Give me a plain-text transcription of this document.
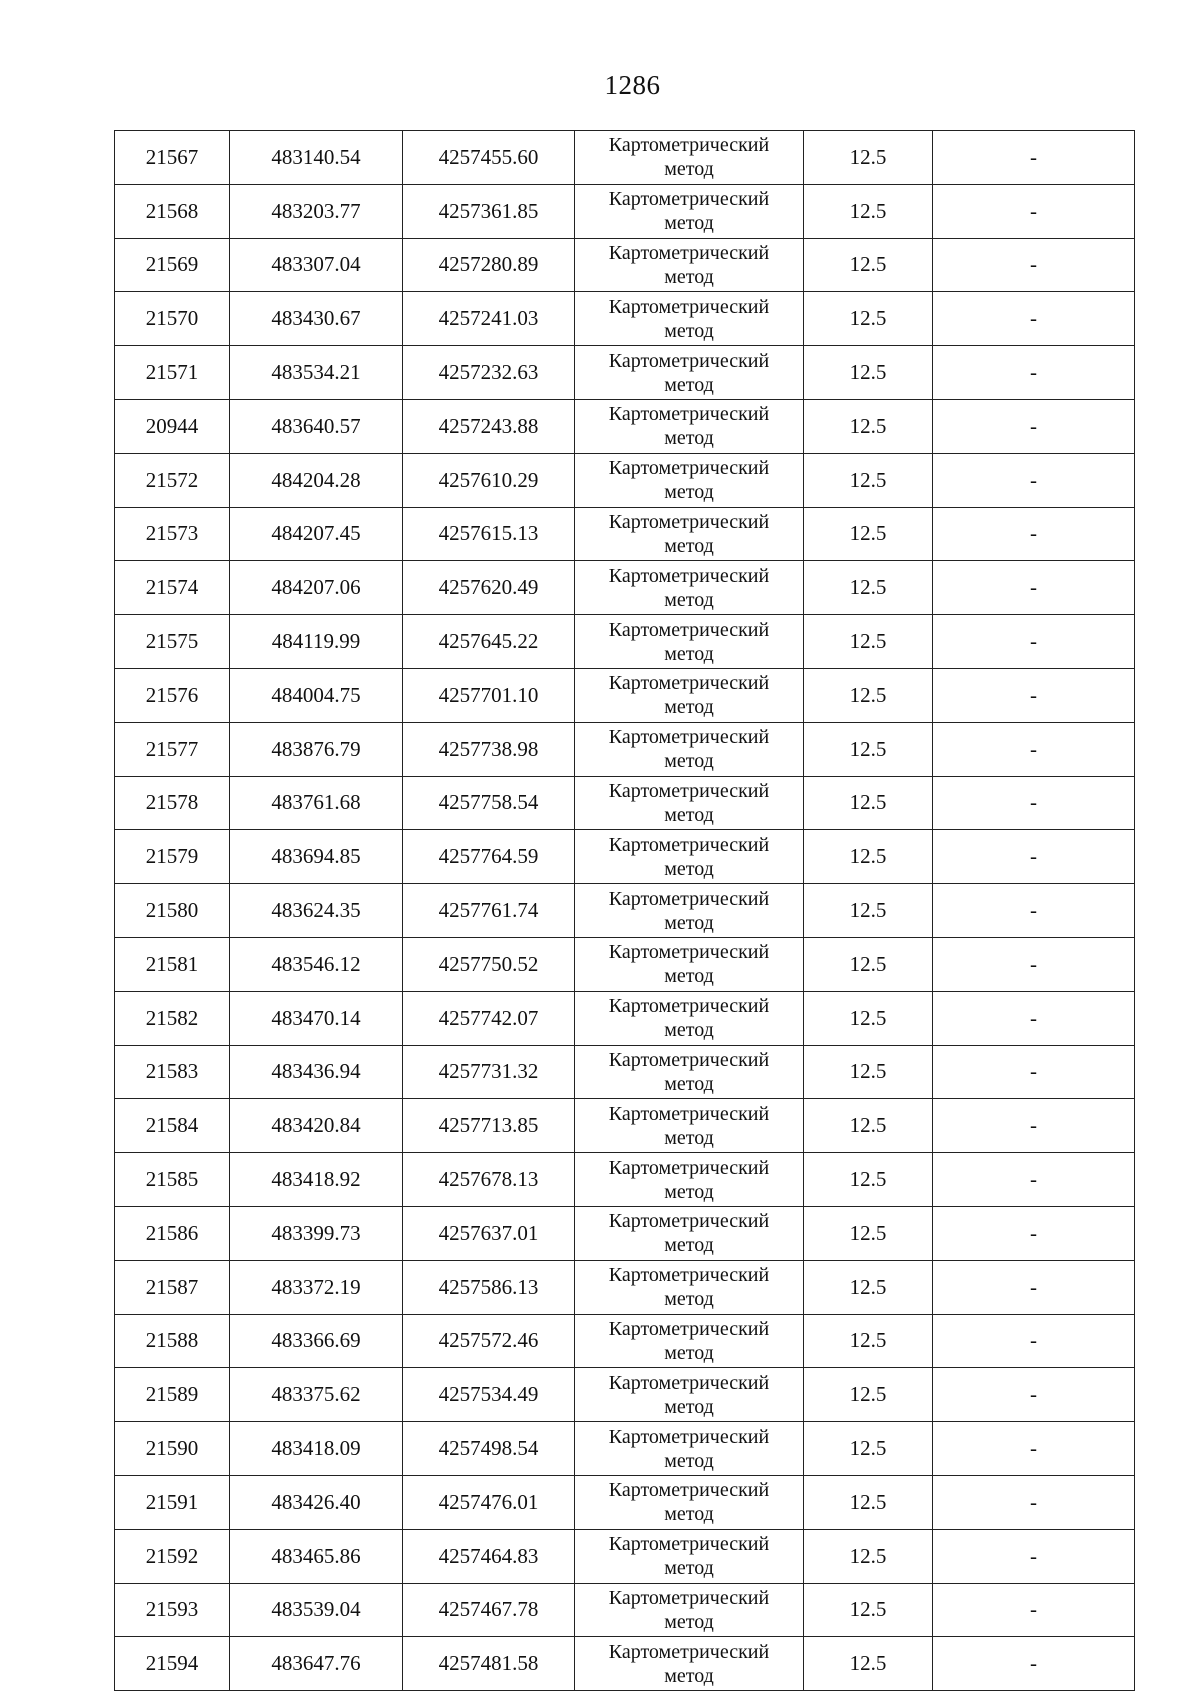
1286
21567	483140.54	4257455.60	Картометрический
метод	12.5	-
21568	483203.77	4257361.85	Картометрический
метод	12.5	-
21569	483307.04	4257280.89	Картометрический
метод	12.5	-
21570	483430.67	4257241.03	Картометрический
метод	12.5	-
21571	483534.21	4257232.63	Картометрический
метод	12.5	-
20944	483640.57	4257243.88	Картометрический
метод	12.5	-
21572	484204.28	4257610.29	Картометрический
метод	12.5	-
21573	484207.45	4257615.13	Картометрический
метод	12.5	-
21574	484207.06	4257620.49	Картометрический
метод	12.5	-
21575	484119.99	4257645.22	Картометрический
метод	12.5	-
21576	484004.75	4257701.10	Картометрический
метод	12.5	-
21577	483876.79	4257738.98	Картометрический
метод	12.5	-
21578	483761.68	4257758.54	Картометрический
метод	12.5	-
21579	483694.85	4257764.59	Картометрический
метод	12.5	-
21580	483624.35	4257761.74	Картометрический
метод	12.5	-
21581	483546.12	4257750.52	Картометрический
метод	12.5	-
21582	483470.14	4257742.07	Картометрический
метод	12.5	-
21583	483436.94	4257731.32	Картометрический
метод	12.5	-
21584	483420.84	4257713.85	Картометрический
метод	12.5	-
21585	483418.92	4257678.13	Картометрический
метод	12.5	-
21586	483399.73	4257637.01	Картометрический
метод	12.5	-
21587	483372.19	4257586.13	Картометрический
метод	12.5	-
21588	483366.69	4257572.46	Картометрический
метод	12.5	-
21589	483375.62	4257534.49	Картометрический
метод	12.5	-
21590	483418.09	4257498.54	Картометрический
метод	12.5	-
21591	483426.40	4257476.01	Картометрический
метод	12.5	-
21592	483465.86	4257464.83	Картометрический
метод	12.5	-
21593	483539.04	4257467.78	Картометрический
метод	12.5	-
21594	483647.76	4257481.58	Картометрический
метод	12.5	-
